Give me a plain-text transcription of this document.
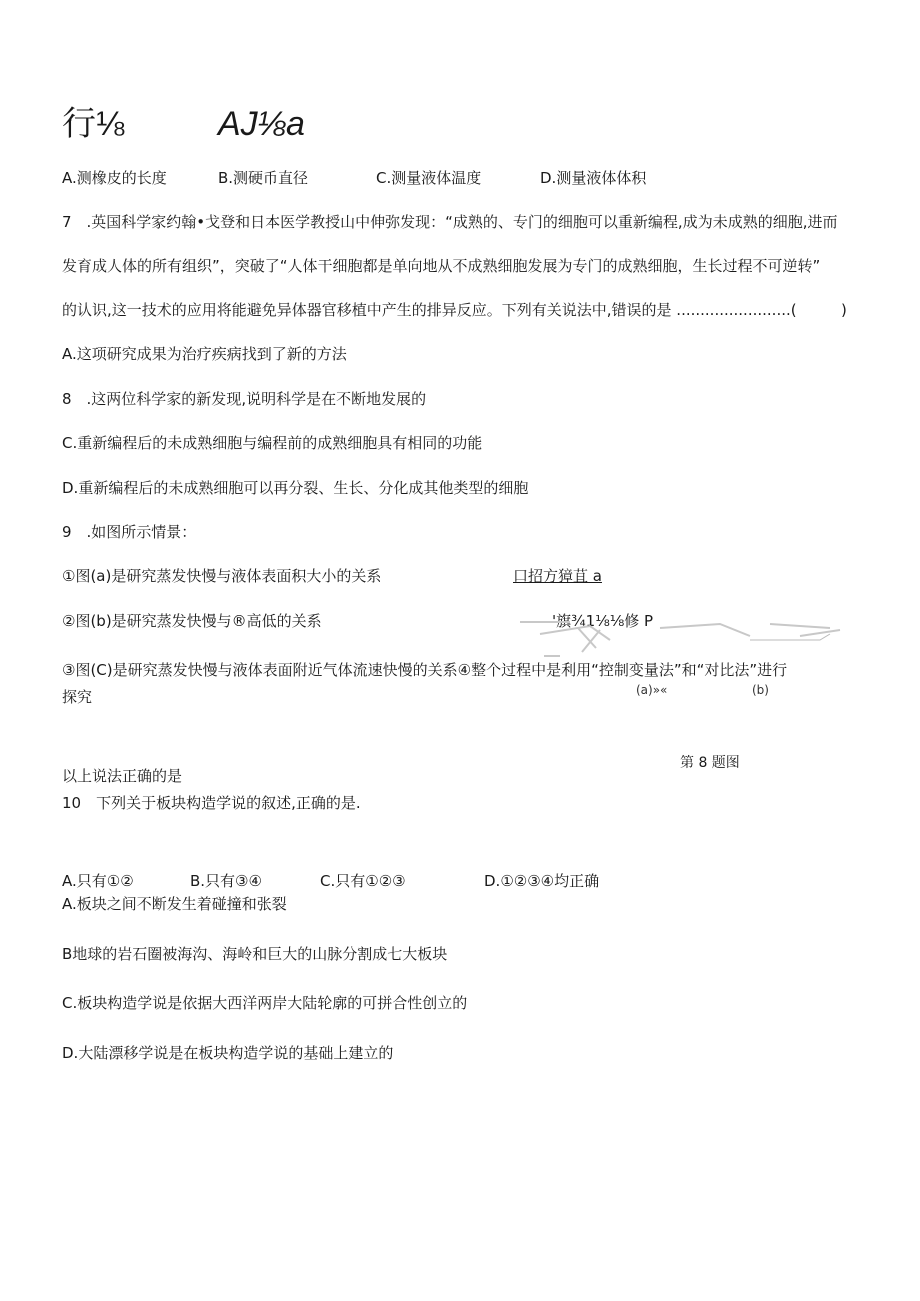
行⅛	AJ⅛a
A.测橡皮的长度	B.测硬币直径	C.测量液体温度	D.测量液体体积
7　.英国科学家约翰•戈登和日本医学教授山中伸弥发现：“成熟的、专门的细胞可以重新编程,成为未成熟的细胞,进而
发育成人体的所有组织”，突破了“人体干细胞都是单向地从不成熟细胞发展为专门的成熟细胞，生长过程不可逆转”
的认识,这一技术的应用将能避免异体器官移植中产生的排异反应。下列有关说法中,错误的是 ........................(	)
A.这项研究成果为治疗疾病找到了新的方法
8　.这两位科学家的新发现,说明科学是在不断地发展的
C.重新编程后的未成熟细胞与编程前的成熟细胞具有相同的功能
D.重新编程后的未成熟细胞可以再分裂、生长、分化成其他类型的细胞
9　.如图所示情景：
①图(a)是研究蒸发快慢与液体表面积大小的关系	口招方獐苴 a
②图(b)是研究蒸发快慢与®高低的关系	'旗¾1⅛⅛修 P
③图(C)是研究蒸发快慢与液体表面附近气体流速快慢的关系④整个过程中是利用“控制变量法”和“对比法”进行
探究	(a)»«	(b)
第 8 题图
以上说法正确的是
10　下列关于板块构造学说的叙述,正确的是.
A.只有①②	B.只有③④	C.只有①②③	D.①②③④均正确
A.板块之间不断发生着碰撞和张裂
B地球的岩石圈被海沟、海岭和巨大的山脉分割成七大板块
C.板块构造学说是依据大西洋两岸大陆轮廓的可拼合性创立的
D.大陆漂移学说是在板块构造学说的基础上建立的
